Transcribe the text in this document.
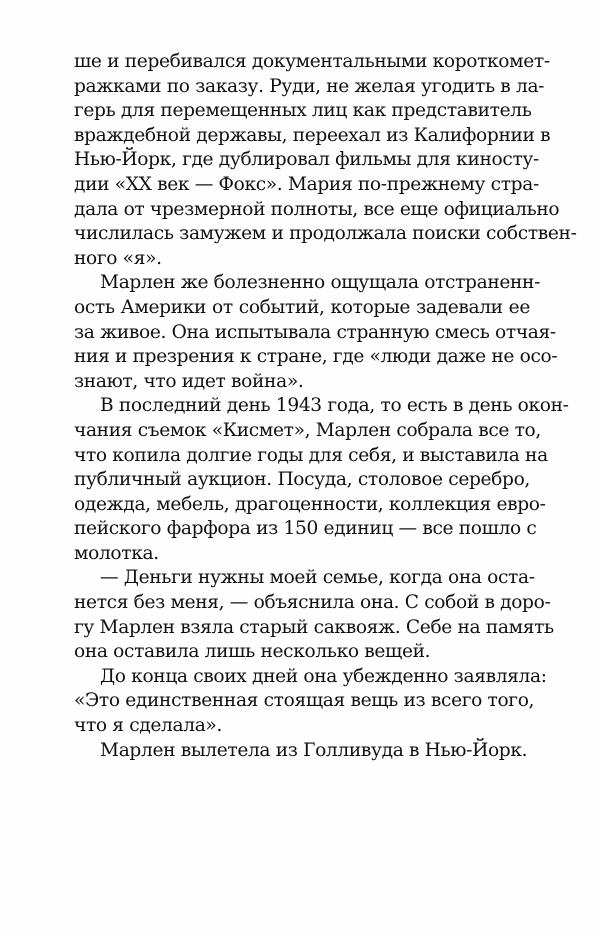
ше и перебивался документальными короткомет-
ражками по заказу. Руди, не желая угодить в ла-
герь для перемещенных лиц как представитель
враждебной державы, переехал из Калифорнии в
Нью-Йорк, где дублировал фильмы для киносту-
дии «XX век — Фокс». Мария по-прежнему стра-
дала от чрезмерной полноты, все еще официально
числилась замужем и продолжала поиски собствен-
ного «я».

Марлен же болезненно ощущала отстраненн-
ость Америки от событий, которые задевали ее
за живое. Она испытывала странную смесь отчая-
ния и презрения к стране, где «люди даже не осо-
знают, что идет война».

В последний день 1943 года, то есть в день окон-
чания съемок «Кисмет», Марлен собрала все то,
что копила долгие годы для себя, и выставила на
публичный аукцион. Посуда, столовое серебро,
одежда, мебель, драгоценности, коллекция евро-
пейского фарфора из 150 единиц — все пошло с
молотка.

— Деньги нужны моей семье, когда она оста-
нется без меня, — объяснила она. С собой в доро-
гу Марлен взяла старый саквояж. Себе на память
она оставила лишь несколько вещей.

До конца своих дней она убежденно заявляла:
«Это единственная стоящая вещь из всего того,
что я сделала».

Марлен вылетела из Голливуда в Нью-Йорк.
